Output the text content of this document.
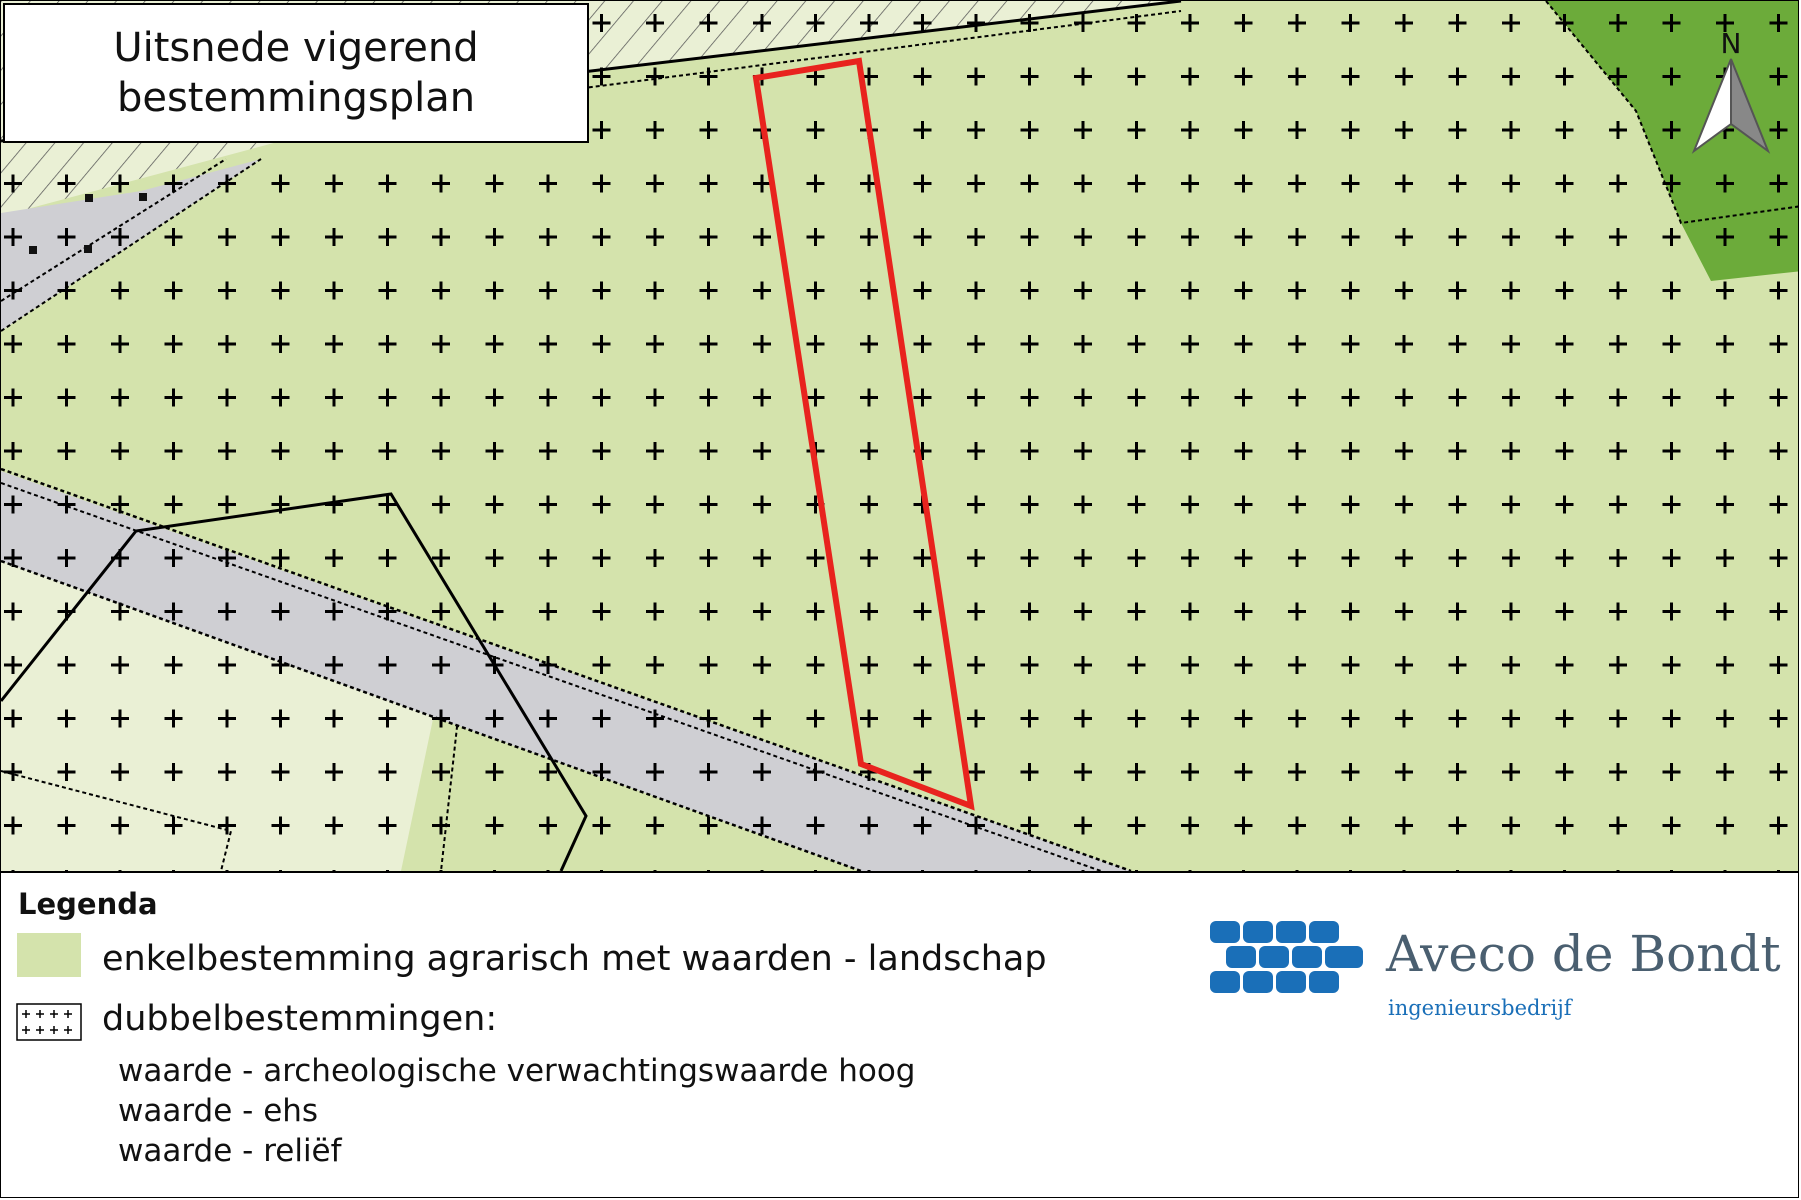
N
Uitsnede vigerend
bestemmingsplan
Legenda
enkelbestemming agrarisch met waarden - landschap
dubbelbestemmingen:
waarde - archeologische verwachtingswaarde hoog
waarde - ehs
waarde - reliëf
Aveco de Bondt
ingenieursbedrijf
